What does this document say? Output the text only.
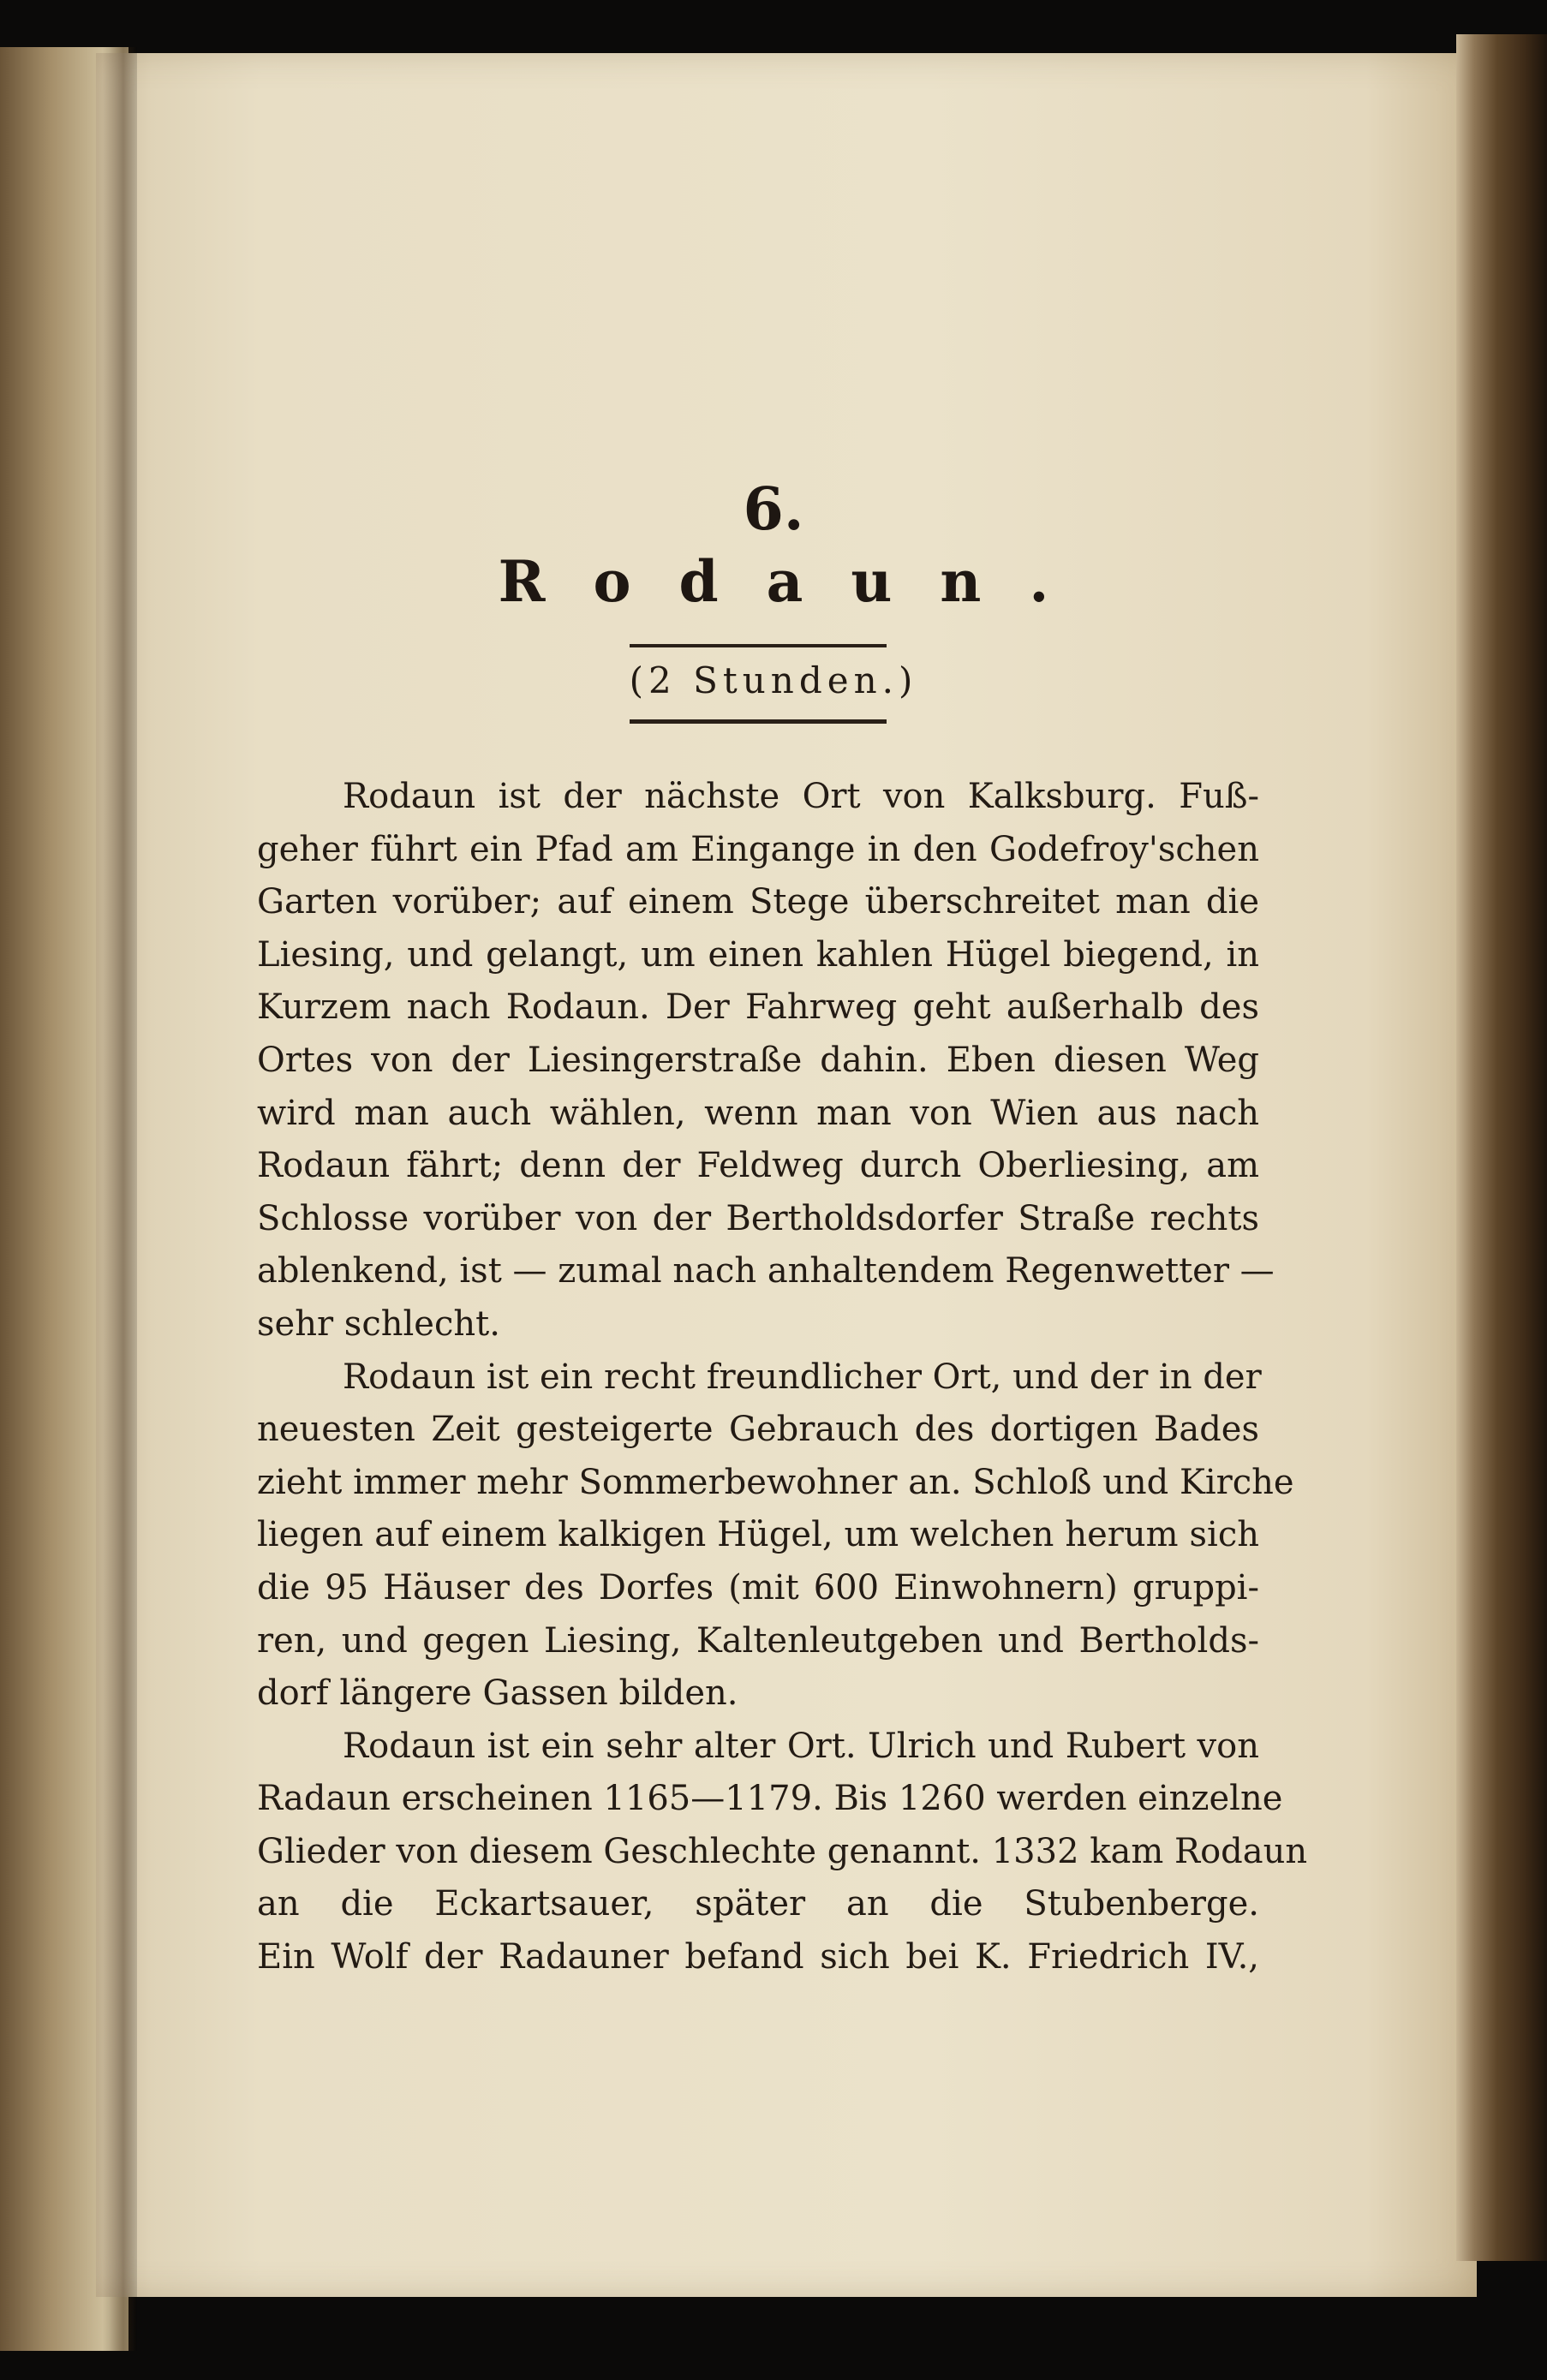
6.
Rodaun.
(2 Stunden.)
Rodaun ist der nächste Ort von Kalksburg. Fuß-
geher führt ein Pfad am Eingange in den Godefroy'schen
Garten vorüber; auf einem Stege überschreitet man die
Liesing, und gelangt, um einen kahlen Hügel biegend, in
Kurzem nach Rodaun. Der Fahrweg geht außerhalb des
Ortes von der Liesingerstraße dahin. Eben diesen Weg
wird man auch wählen, wenn man von Wien aus nach
Rodaun fährt; denn der Feldweg durch Oberliesing, am
Schlosse vorüber von der Bertholdsdorfer Straße rechts
ablenkend, ist — zumal nach anhaltendem Regenwetter —
sehr schlecht.
Rodaun ist ein recht freundlicher Ort, und der in der
neuesten Zeit gesteigerte Gebrauch des dortigen Bades
zieht immer mehr Sommerbewohner an. Schloß und Kirche
liegen auf einem kalkigen Hügel, um welchen herum sich
die 95 Häuser des Dorfes (mit 600 Einwohnern) gruppi-
ren, und gegen Liesing, Kaltenleutgeben und Bertholds-
dorf längere Gassen bilden.
Rodaun ist ein sehr alter Ort. Ulrich und Rubert von
Radaun erscheinen 1165—1179. Bis 1260 werden einzelne
Glieder von diesem Geschlechte genannt. 1332 kam Rodaun
an die Eckartsauer, später an die Stubenberge.
Ein Wolf der Radauner befand sich bei K. Friedrich IV.,
